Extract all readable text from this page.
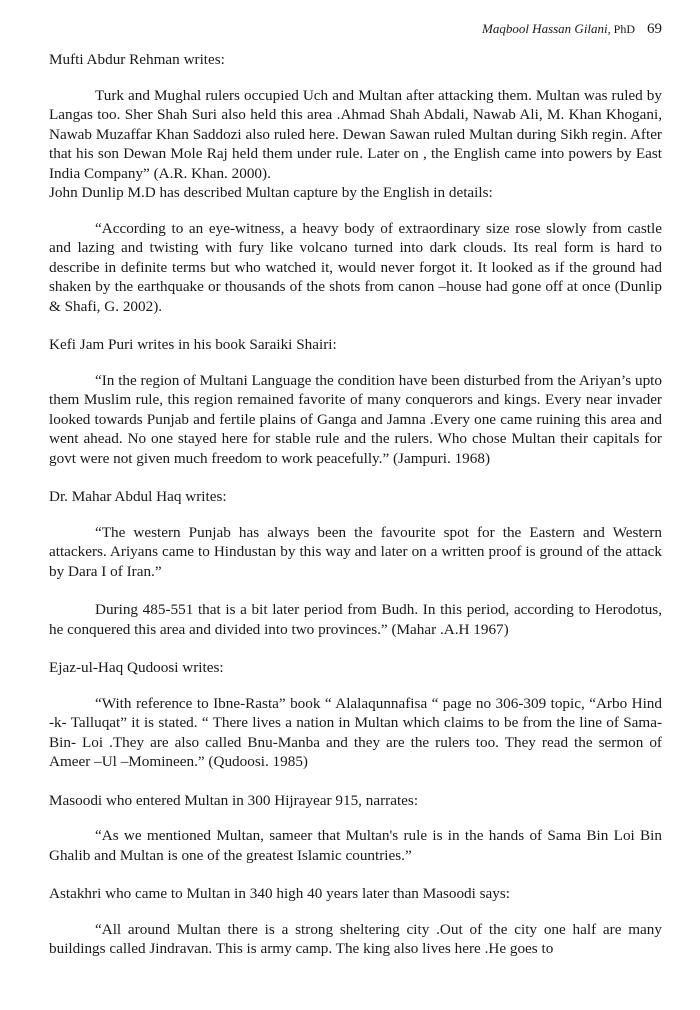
Maqbool Hassan Gilani, PhD 69

Mufti Abdur Rehman writes:

Turk and Mughal rulers occupied Uch and Multan after attacking them. Multan was ruled by Langas too. Sher Shah Suri also held this area .Ahmad Shah Abdali, Nawab Ali, M. Khan Khogani, Nawab Muzaffar Khan Saddozi also ruled here. Dewan Sawan ruled Multan during Sikh regin. After that his son Dewan Mole Raj held them under rule. Later on , the English came into powers by East India Company” (A.R. Khan. 2000).

John Dunlip M.D has described Multan capture by the English in details:

“According to an eye-witness, a heavy body of extraordinary size rose slowly from castle and lazing and twisting with fury like volcano turned into dark clouds. Its real form is hard to describe in definite terms but who watched it, would never forgot it. It looked as if the ground had shaken by the earthquake or thousands of the shots from canon –house had gone off at once (Dunlip & Shafi, G. 2002).

Kefi Jam Puri writes in his book Saraiki Shairi:

“In the region of Multani Language the condition have been disturbed from the Ariyan’s upto them Muslim rule, this region remained favorite of many conquerors and kings. Every near invader looked towards Punjab and fertile plains of Ganga and Jamna .Every one came ruining this area and went ahead. No one stayed here for stable rule and the rulers. Who chose Multan their capitals for govt were not given much freedom to work peacefully.” (Jampuri. 1968)

Dr. Mahar Abdul Haq writes:

“The western Punjab has always been the favourite spot for the Eastern and Western attackers. Ariyans came to Hindustan by this way and later on a written proof is ground of the attack by Dara I of Iran.”

During 485-551 that is a bit later period from Budh. In this period, according to Herodotus, he conquered this area and divided into two provinces.” (Mahar .A.H 1967)

Ejaz-ul-Haq Qudoosi writes:

“With reference to Ibne-Rasta” book “ Alalaqunnafisa “ page no 306-309 topic, “Arbo Hind -k- Talluqat” it is stated. “ There lives a nation in Multan which claims to be from the line of Sama-Bin- Loi .They are also called Bnu-Manba and they are the rulers too. They read the sermon of Ameer –Ul –Momineen.” (Qudoosi. 1985)

Masoodi who entered Multan in 300 Hijrayear 915, narrates:

“As we mentioned Multan, sameer that Multan's rule is in the hands of Sama Bin Loi Bin Ghalib and Multan is one of the greatest Islamic countries.”

Astakhri who came to Multan in 340 high 40 years later than Masoodi says:

“All around Multan there is a strong sheltering city .Out of the city one half are many buildings called Jindravan. This is army camp. The king also lives here .He goes to
